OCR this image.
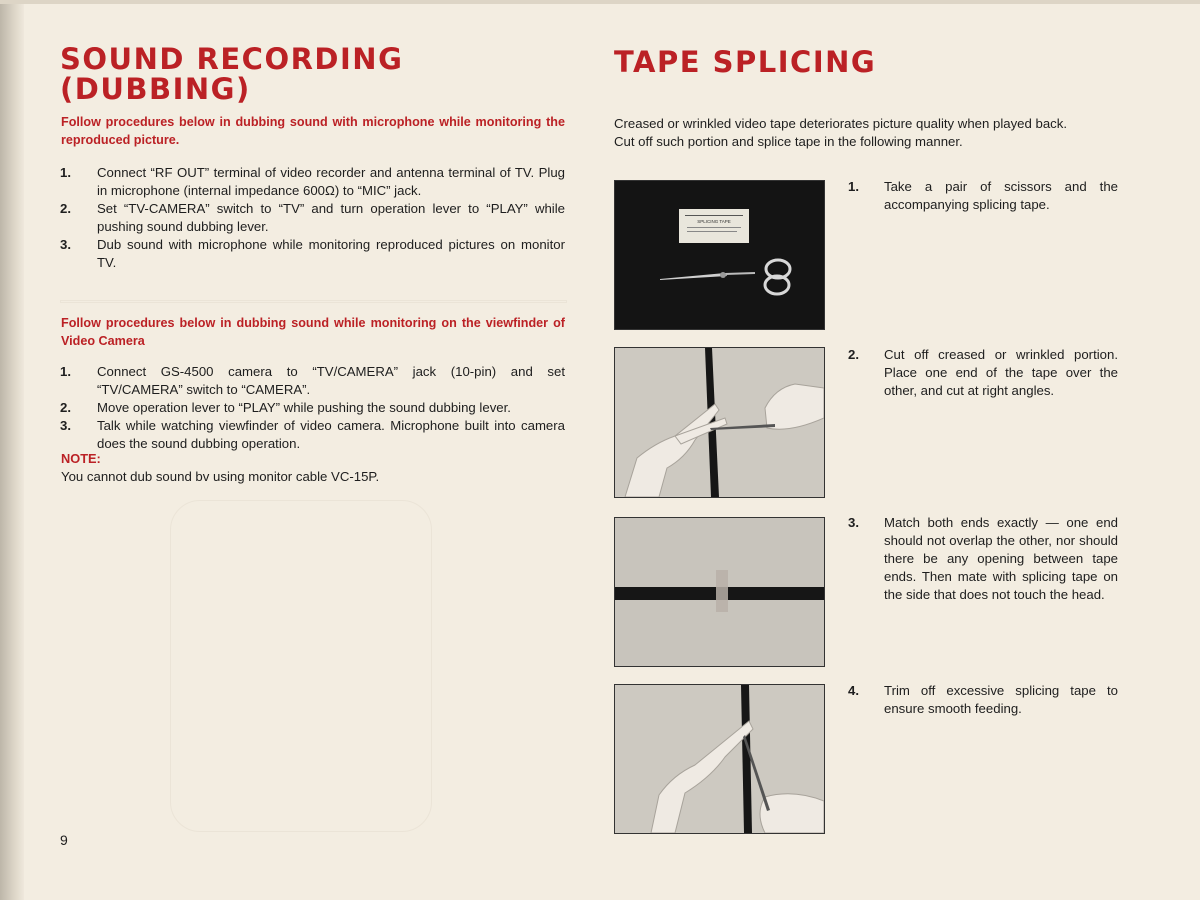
SOUND RECORDING
(DUBBING)

Follow procedures below in dubbing sound with microphone while monitoring the reproduced picture.

1. Connect “RF OUT” terminal of video recorder and antenna terminal of TV. Plug in microphone (internal impedance 600Ω) to “MIC” jack.
2. Set “TV-CAMERA” switch to “TV” and turn operation lever to “PLAY” while pushing sound dubbing lever.
3. Dub sound with microphone while monitoring reproduced pictures on monitor TV.

Follow procedures below in dubbing sound while monitoring on the viewfinder of Video Camera

1. Connect GS-4500 camera to “TV/CAMERA” jack (10-pin) and set “TV/CAMERA” switch to “CAMERA”.
2. Move operation lever to “PLAY” while pushing the sound dubbing lever.
3. Talk while watching viewfinder of video camera. Microphone built into camera does the sound dubbing operation.

NOTE:

You cannot dub sound bv using monitor cable VC-15P.

9

TAPE SPLICING

Creased or wrinkled video tape deteriorates picture quality when played back.
Cut off such portion and splice tape in the following manner.

SPLICING TAPE
1. Take a pair of scissors and the accompanying splicing tape.
2. Cut off creased or wrinkled portion. Place one end of the tape over the other, and cut at right angles.
3. Match both ends exactly — one end should not overlap the other, nor should there be any opening between tape ends. Then mate with splicing tape on the side that does not touch the head.
4. Trim off excessive splicing tape to ensure smooth feeding.
